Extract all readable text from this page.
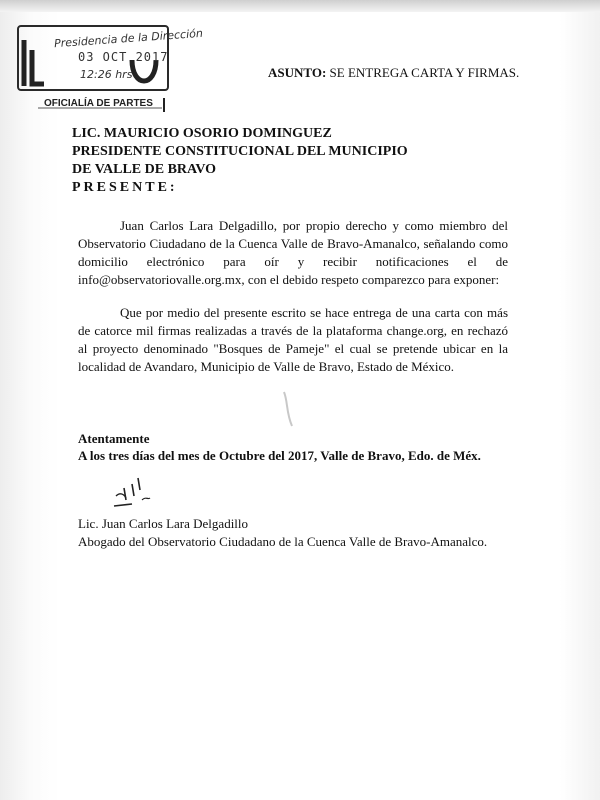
Presidencia de la Dirección
03 OCT 2017
12:26 hrs
OFICIALÍA DE PARTES
ASUNTO: SE ENTREGA CARTA Y FIRMAS.
LIC. MAURICIO OSORIO DOMINGUEZ
PRESIDENTE CONSTITUCIONAL DEL MUNICIPIO
DE VALLE DE BRAVO
PRESENTE:
Juan Carlos Lara Delgadillo, por propio derecho y como miembro del Observatorio Ciudadano de la Cuenca Valle de Bravo-Amanalco, señalando como domicilio electrónico para oír y recibir notificaciones el de info@observatoriovalle.org.mx, con el debido respeto comparezco para exponer:
Que por medio del presente escrito se hace entrega de una carta con más de catorce mil firmas realizadas a través de la plataforma change.org, en rechazó al proyecto denominado "Bosques de Pameje" el cual se pretende ubicar en la localidad de Avandaro, Municipio de Valle de Bravo, Estado de México.
Atentamente
A los tres días del mes de Octubre del 2017, Valle de Bravo, Edo. de Méx.
Lic. Juan Carlos Lara Delgadillo
Abogado del Observatorio Ciudadano de la Cuenca Valle de Bravo-Amanalco.
